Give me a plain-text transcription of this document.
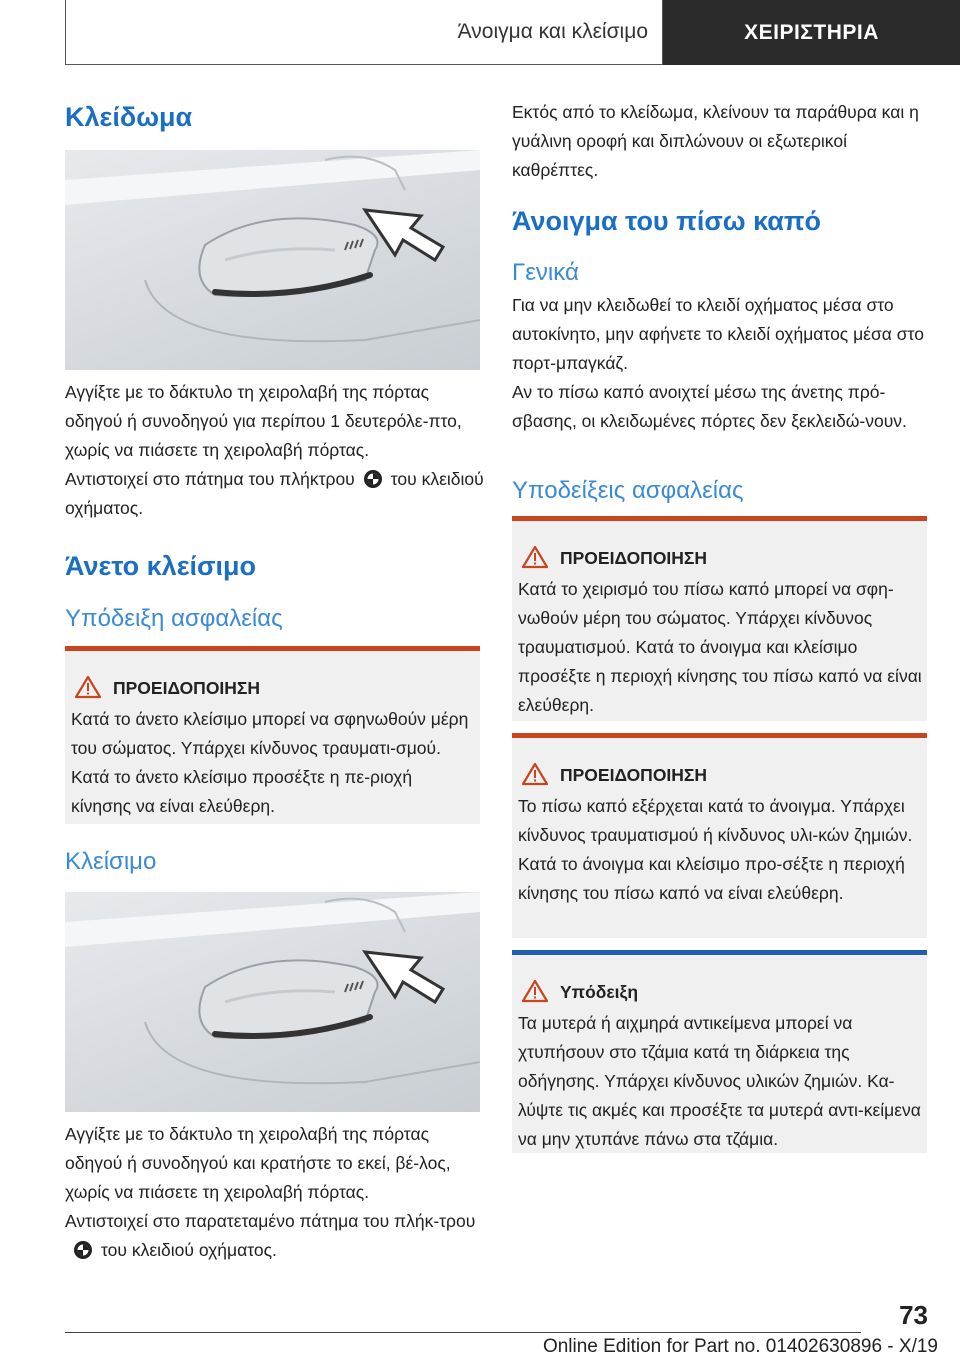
Άνοιγμα και κλείσιμο	ΧΕΙΡΙΣΤΗΡΙΑ
Κλείδωμα

Αγγίξτε με το δάκτυλο τη χειρολαβή της πόρτας οδηγού ή συνοδηγού για περίπου 1 δευτερόλε-πτο, χωρίς να πιάσετε τη χειρολαβή πόρτας.

Αντιστοιχεί στο πάτημα του πλήκτρου του κλειδιού οχήματος.

Άνετο κλείσιμο
Υπόδειξη ασφαλείας
ΠΡΟΕΙΔΟΠΟΙΗΣΗ

Κατά το άνετο κλείσιμο μπορεί να σφηνωθούν μέρη του σώματος. Υπάρχει κίνδυνος τραυματι-σμού. Κατά το άνετο κλείσιμο προσέξτε η πε-ριοχή κίνησης να είναι ελεύθερη.

Κλείσιμο

Αγγίξτε με το δάκτυλο τη χειρολαβή της πόρτας οδηγού ή συνοδηγού και κρατήστε το εκεί, βέ-λος, χωρίς να πιάσετε τη χειρολαβή πόρτας.

Αντιστοιχεί στο παρατεταμένο πάτημα του πλήκ-τρουτου κλειδιού οχήματος.

Εκτός από το κλείδωμα, κλείνουν τα παράθυρα και η γυάλινη οροφή και διπλώνουν οι εξωτερικοί καθρέπτες.

Άνοιγμα του πίσω καπό
Γενικά

Για να μην κλειδωθεί το κλειδί οχήματος μέσα στο αυτοκίνητο, μην αφήνετε το κλειδί οχήματος μέσα στο πορτ-μπαγκάζ.

Αν το πίσω καπό ανοιχτεί μέσω της άνετης πρό-σβασης, οι κλειδωμένες πόρτες δεν ξεκλειδώ-νουν.

Υποδείξεις ασφαλείας
ΠΡΟΕΙΔΟΠΟΙΗΣΗ

Κατά το χειρισμό του πίσω καπό μπορεί να σφη-νωθούν μέρη του σώματος. Υπάρχει κίνδυνος τραυματισμού. Κατά το άνοιγμα και κλείσιμο προσέξτε η περιοχή κίνησης του πίσω καπό να είναι ελεύθερη.

ΠΡΟΕΙΔΟΠΟΙΗΣΗ

Το πίσω καπό εξέρχεται κατά το άνοιγμα. Υπάρχει κίνδυνος τραυματισμού ή κίνδυνος υλι-κών ζημιών. Κατά το άνοιγμα και κλείσιμο προ-σέξτε η περιοχή κίνησης του πίσω καπό να είναι ελεύθερη.

Υπόδειξη

Τα μυτερά ή αιχμηρά αντικείμενα μπορεί να χτυπήσουν στο τζάμια κατά τη διάρκεια της οδήγησης. Υπάρχει κίνδυνος υλικών ζημιών. Κα-λύψτε τις ακμές και προσέξτε τα μυτερά αντι-κείμενα να μην χτυπάνε πάνω στα τζάμια.

73
Online Edition for Part no. 01402630896 - X/19
